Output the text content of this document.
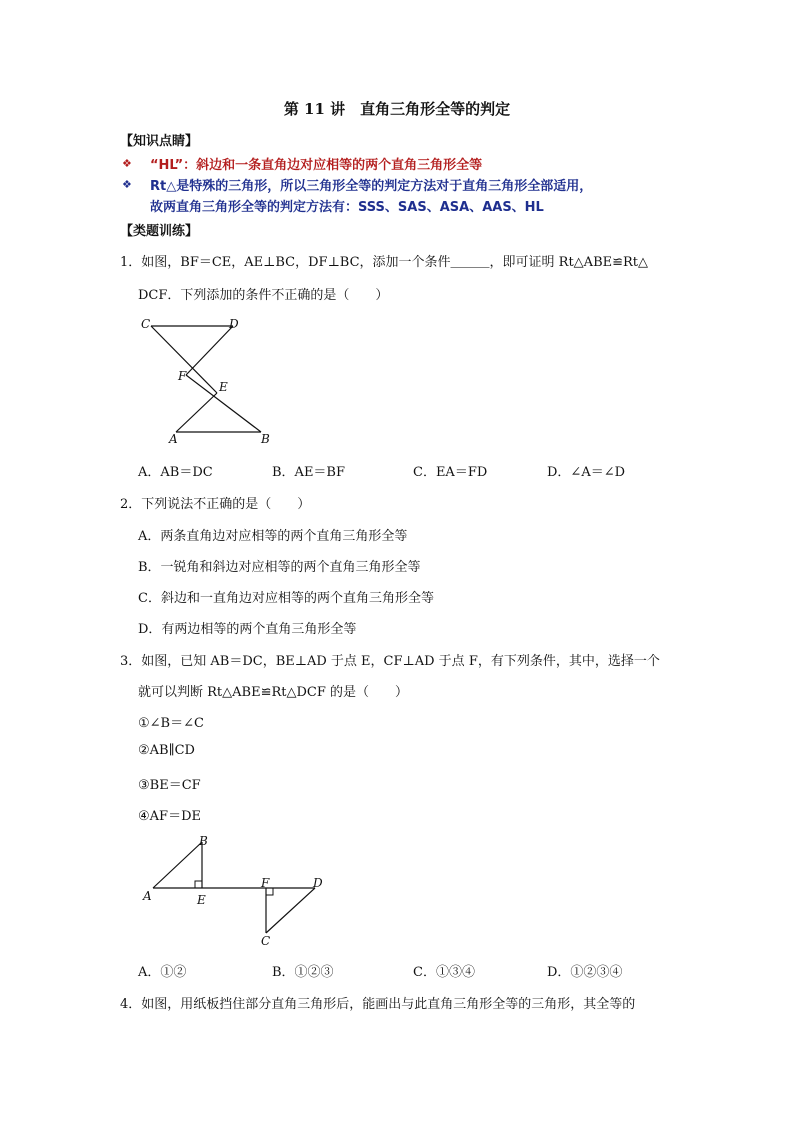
第 11 讲　直角三角形全等的判定
【知识点睛】
❖ “HL”：斜边和一条直角边对应相等的两个直角三角形全等
❖ Rt△是特殊的三角形，所以三角形全等的判定方法对于直角三角形全部适用，
故两直角三角形全等的判定方法有：SSS、SAS、ASA、AAS、HL
【类题训练】
1．如图，BF＝CE，AE⊥BC，DF⊥BC，添加一个条件＿＿＿，即可证明 Rt△ABE≌Rt△
DCF．下列添加的条件不正确的是（　　）
C	D
F
E
A	B
A．AB＝DC	B．AE＝BF	C．EA＝FD	D．∠A＝∠D
2．下列说法不正确的是（　　）
A．两条直角边对应相等的两个直角三角形全等
B．一锐角和斜边对应相等的两个直角三角形全等
C．斜边和一直角边对应相等的两个直角三角形全等
D．有两边相等的两个直角三角形全等
3．如图，已知 AB＝DC，BE⊥AD 于点 E，CF⊥AD 于点 F，有下列条件，其中，选择一个
就可以判断 Rt△ABE≌Rt△DCF 的是（　　）
①∠B＝∠C
②AB∥CD
③BE＝CF
④AF＝DE
A
B
E
F	D
C
A．①②	B．①②③	C．①③④	D．①②③④
4．如图，用纸板挡住部分直角三角形后，能画出与此直角三角形全等的三角形，其全等的
